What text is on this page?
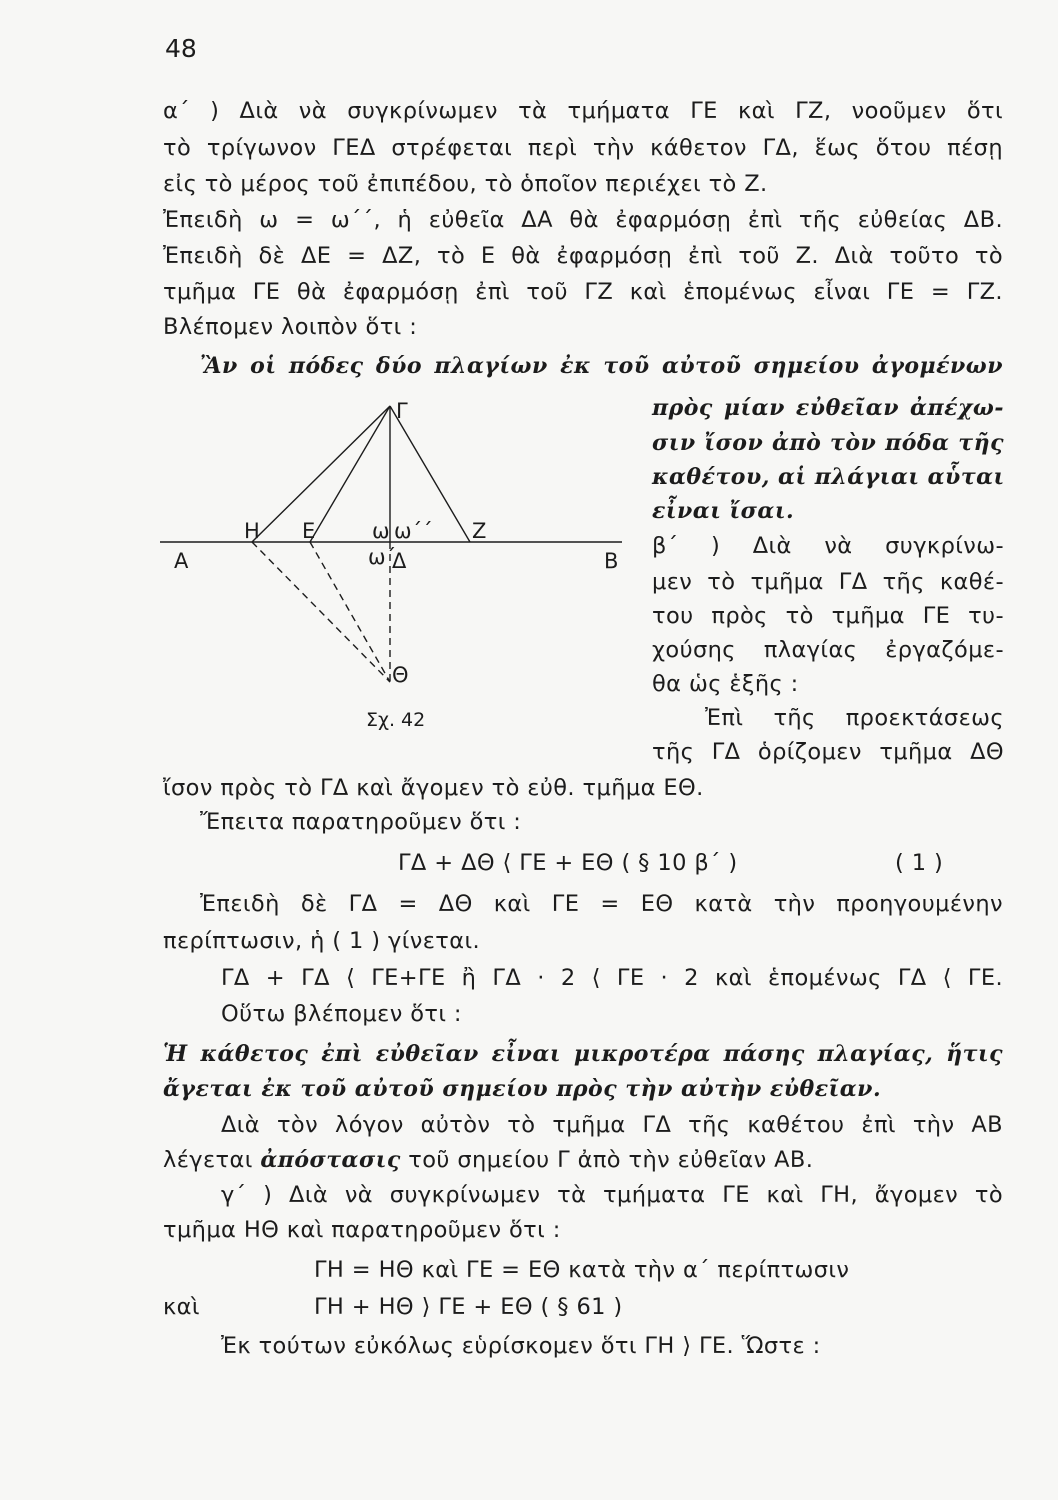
48
α΄ ) Διὰ νὰ συγκρίνωμεν τὰ τμήματα ΓΕ καὶ ΓΖ, νοοῦμεν ὅτι
τὸ τρίγωνον ΓΕΔ στρέφεται περὶ τὴν κάθετον ΓΔ, ἕως ὅτου πέσῃ
εἰς τὸ μέρος τοῦ ἐπιπέδου, τὸ ὁποῖον περιέχει τὸ Ζ.
Ἐπειδὴ ω = ω΄΄, ἡ εὐθεῖα ΔΑ θὰ ἐφαρμόσῃ ἐπὶ τῆς εὐθείας ΔΒ.
Ἐπειδὴ δὲ ΔΕ = ΔΖ, τὸ Ε θὰ ἐφαρμόσῃ ἐπὶ τοῦ Ζ. Διὰ τοῦτο τὸ
τμῆμα ΓΕ θὰ ἐφαρμόσῃ ἐπὶ τοῦ ΓΖ καὶ ἑπομένως εἶναι ΓΕ = ΓΖ.
Βλέπομεν λοιπὸν ὅτι :
Ἂν οἱ πόδες δύο πλαγίων ἐκ τοῦ αὐτοῦ σημείου ἀγομένων
πρὸς μίαν εὐθεῖαν ἀπέχω-
σιν ἴσον ἀπὸ τὸν πόδα τῆς
καθέτου, αἱ πλάγιαι αὗται
εἶναι ἴσαι.
Γ
Η Ε	ω ω΄΄ Ζ
Α	ω΄
Δ	Β
Θ
Σχ. 42
β΄ ) Διὰ νὰ συγκρίνω-
μεν τὸ τμῆμα ΓΔ τῆς καθέ-
του πρὸς τὸ τμῆμα ΓΕ τυ-
χούσης πλαγίας ἐργαζόμε-
θα ὡς ἑξῆς :
Ἐπὶ τῆς προεκτάσεως
τῆς ΓΔ ὁρίζομεν τμῆμα ΔΘ
ἴσον πρὸς τὸ ΓΔ καὶ ἄγομεν τὸ εὐθ. τμῆμα ΕΘ.
Ἔπειτα παρατηροῦμεν ὅτι :
ΓΔ + ΔΘ ⟨ ΓΕ + ΕΘ ( § 10 β΄ )	( 1 )
Ἐπειδὴ δὲ ΓΔ = ΔΘ καὶ ΓΕ = ΕΘ κατὰ τὴν προηγουμένην
περίπτωσιν, ἡ ( 1 ) γίνεται.
ΓΔ + ΓΔ ⟨ ΓΕ+ΓΕ ἢ ΓΔ · 2 ⟨ ΓΕ · 2 καὶ ἑπομένως ΓΔ ⟨ ΓΕ.
Οὕτω βλέπομεν ὅτι :
Ἡ κάθετος ἐπὶ εὐθεῖαν εἶναι μικροτέρα πάσης πλαγίας, ἥτις
ἄγεται ἐκ τοῦ αὐτοῦ σημείου πρὸς τὴν αὐτὴν εὐθεῖαν.
Διὰ τὸν λόγον αὐτὸν τὸ τμῆμα ΓΔ τῆς καθέτου ἐπὶ τὴν ΑΒ
λέγεται ἀπόστασις τοῦ σημείου Γ ἀπὸ τὴν εὐθεῖαν ΑΒ.
γ΄ ) Διὰ νὰ συγκρίνωμεν τὰ τμήματα ΓΕ καὶ ΓΗ, ἄγομεν τὸ
τμῆμα ΗΘ καὶ παρατηροῦμεν ὅτι :
ΓΗ = ΗΘ καὶ ΓΕ = ΕΘ κατὰ τὴν α΄ περίπτωσιν
καὶ	ΓΗ + ΗΘ ⟩ ΓΕ + ΕΘ ( § 61 )
Ἐκ τούτων εὐκόλως εὑρίσκομεν ὅτι ΓΗ ⟩ ΓΕ. Ὥστε :
